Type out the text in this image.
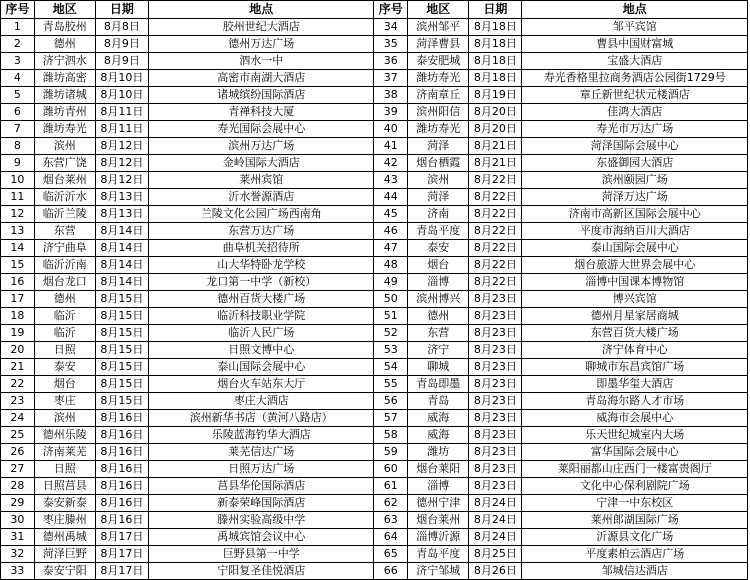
序号	地区	日期	地点	序号	地区	日期	地点
1	青岛胶州	8月8日	胶州世纪大酒店	34	滨州邹平	8月18日	邹平宾馆
2	德州	8月9日	德州万达广场	35	菏泽曹县	8月18日	曹县中国财富城
3	济宁泗水	8月9日	泗水一中	36	泰安肥城	8月18日	宝盛大酒店
4	潍坊高密	8月10日	高密市南湖大酒店	37	潍坊寿光	8月18日	寿光香格里拉商务酒店公园街1729号
5	潍坊诸城	8月10日	诸城缤纷国际酒店	38	济南章丘	8月19日	章丘新世纪状元楼酒店
6	潍坊青州	8月11日	青禅科技大厦	39	滨州阳信	8月20日	佳鸿大酒店
7	潍坊寿光	8月11日	寿光国际会展中心	40	潍坊寿光	8月20日	寿光市万达广场
8	滨州	8月12日	滨州万达广场	41	菏泽	8月21日	菏泽国际会展中心
9	东营广饶	8月12日	金岭国际大酒店	42	烟台栖霞	8月21日	东盛御园大酒店
10	烟台莱州	8月12日	莱州宾馆	43	滨州	8月22日	滨州颐园广场
11	临沂沂水	8月13日	沂水誉源酒店	44	菏泽	8月22日	菏泽万达广场
12	临沂兰陵	8月13日	兰陵文化公园广场西南角	45	济南	8月22日	济南市高新区国际会展中心
13	东营	8月14日	东营万达广场	46	青岛平度	8月22日	平度市海纳百川大酒店
14	济宁曲阜	8月14日	曲阜机关招待所	47	泰安	8月22日	泰山国际会展中心
15	临沂沂南	8月14日	山大华特卧龙学校	48	烟台	8月22日	烟台旅游大世界会展中心
16	烟台龙口	8月14日	龙口第一中学（新校）	49	淄博	8月22日	淄博中国课本博物馆
17	德州	8月15日	德州百货大楼广场	50	滨州博兴	8月23日	博兴宾馆
18	临沂	8月15日	临沂科技职业学院	51	德州	8月23日	德州月星家居商城
19	临沂	8月15日	临沂人民广场	52	东营	8月23日	东营百货大楼广场
20	日照	8月15日	日照文博中心	53	济宁	8月23日	济宁体育中心
21	泰安	8月15日	泰山国际会展中心	54	聊城	8月23日	聊城市东昌宾馆广场
22	烟台	8月15日	烟台火车站东大厅	55	青岛即墨	8月23日	即墨华玺大酒店
23	枣庄	8月15日	枣庄大酒店	56	青岛	8月23日	青岛海尔路人才市场
24	滨州	8月16日	滨州新华书店（黄河八路店）	57	威海	8月23日	威海市会展中心
25	德州乐陵	8月16日	乐陵蓝海钓华大酒店	58	威海	8月23日	乐天世纪城室内大场
26	济南莱芜	8月16日	莱芜信达广场	59	潍坊	8月23日	富华国际会展中心
27	日照	8月16日	日照万达广场	60	烟台莱阳	8月23日	莱阳丽都山庄西门一楼富贵阁厅
28	日照莒县	8月16日	莒县华伦国际酒店	61	淄博	8月23日	文化中心保利剧院广场
29	泰安新泰	8月16日	新泰荣峰国际酒店	62	德州宁津	8月24日	宁津一中东校区
30	枣庄滕州	8月16日	滕州实验高级中学	63	烟台莱州	8月24日	莱州郎湖国际广场
31	德州禹城	8月17日	禹城宾馆会议中心	64	淄博沂源	8月24日	沂源县文化广场
32	菏泽巨野	8月17日	巨野县第一中学	65	青岛平度	8月25日	平度素柏云酒店广场
33	泰安宁阳	8月17日	宁阳复圣佳悦酒店	66	济宁邹城	8月26日	邹城信达酒店
